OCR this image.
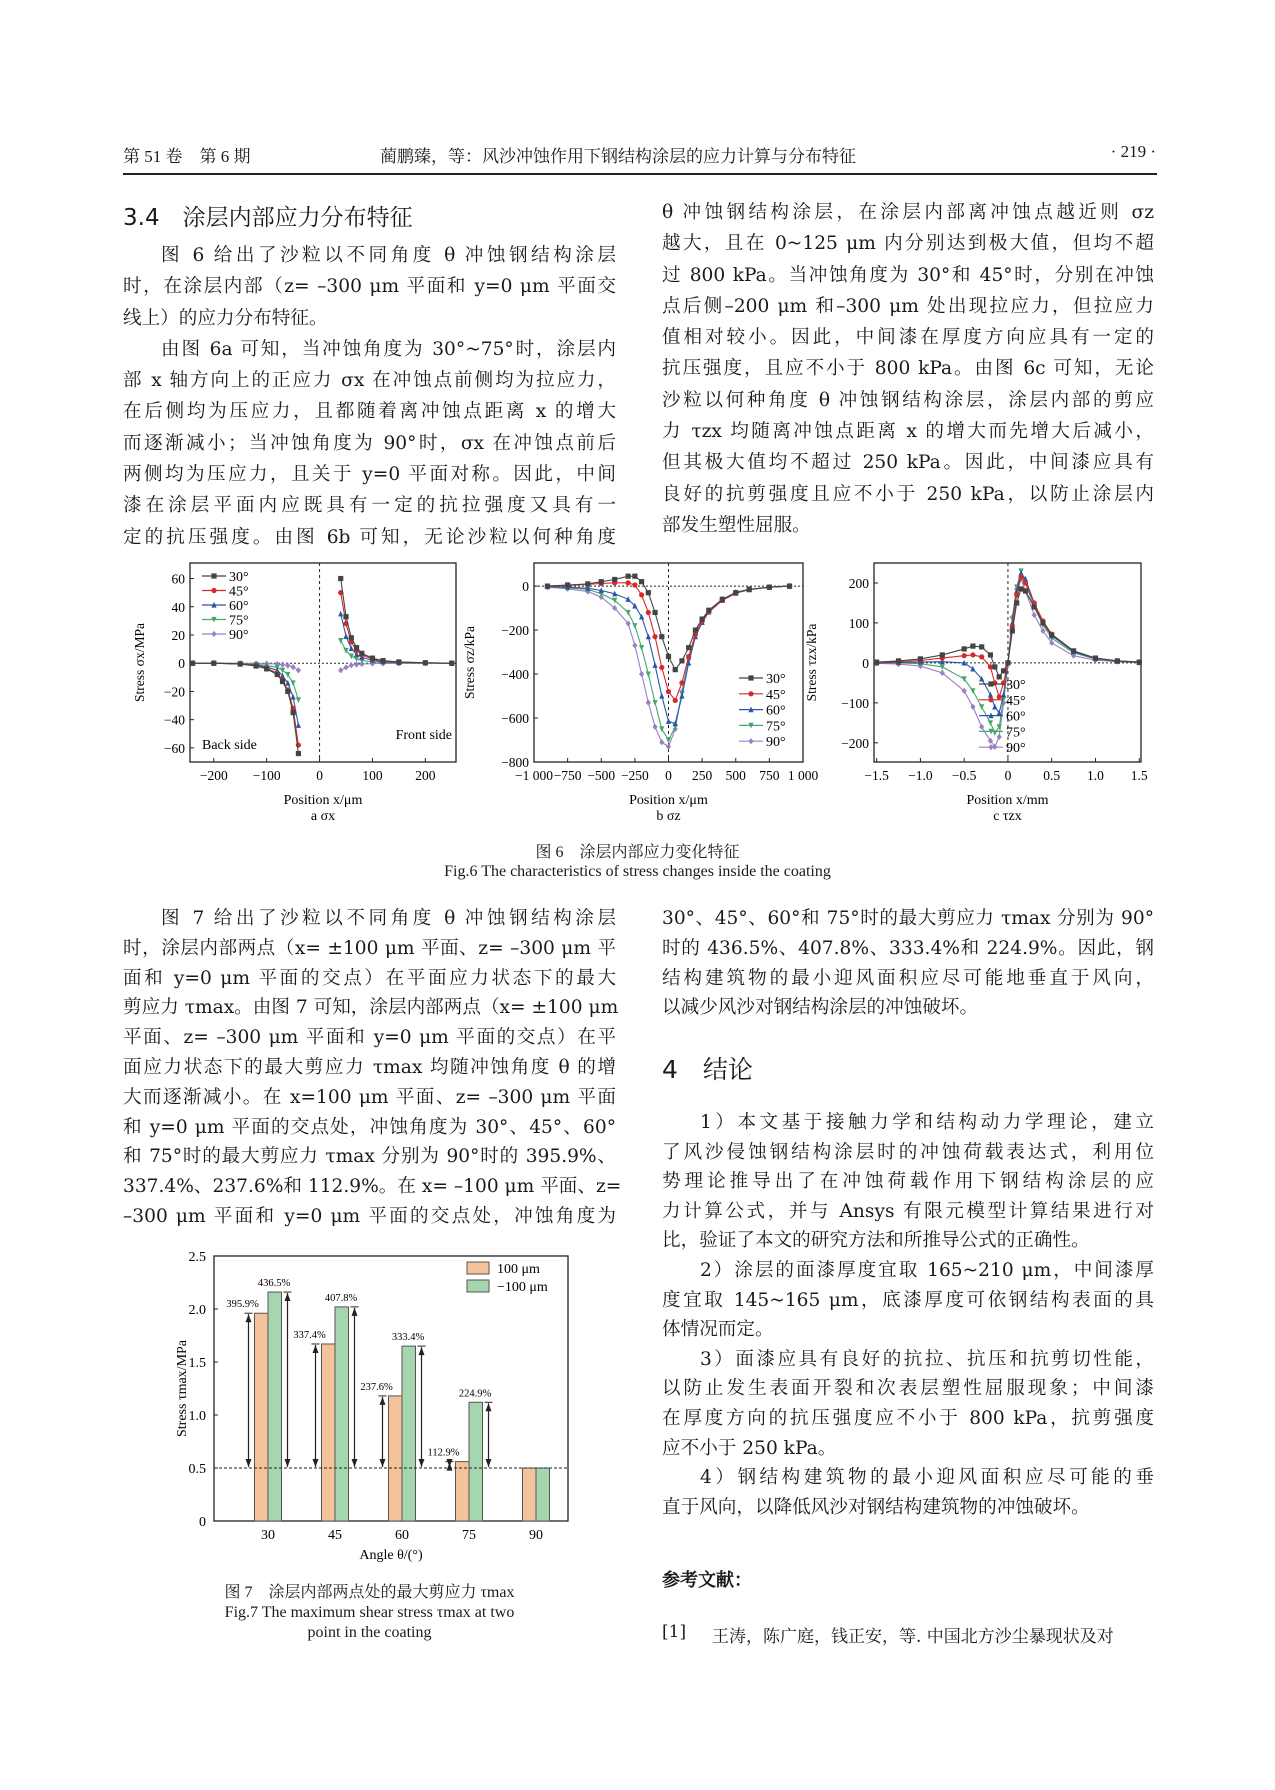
第 51 卷　第 6 期	蔺鹏臻，等：风沙冲蚀作用下钢结构涂层的应力计算与分布特征	· 219 ·
3.4　涂层内部应力分布特征
图 6 给出了沙粒以不同角度 θ 冲蚀钢结构涂层
时，在涂层内部（z= –300 μm 平面和 y=0 μm 平面交
线上）的应力分布特征。
由图 6a 可知，当冲蚀角度为 30°~75°时，涂层内
部 x 轴方向上的正应力 σx 在冲蚀点前侧均为拉应力，
在后侧均为压应力，且都随着离冲蚀点距离 x 的增大
而逐渐减小；当冲蚀角度为 90°时，σx 在冲蚀点前后
两侧均为压应力，且关于 y=0 平面对称。因此，中间
漆在涂层平面内应既具有一定的抗拉强度又具有一
定的抗压强度。由图 6b 可知，无论沙粒以何种角度
θ 冲蚀钢结构涂层，在涂层内部离冲蚀点越近则 σz
越大，且在 0~125 μm 内分别达到极大值，但均不超
过 800 kPa。当冲蚀角度为 30°和 45°时，分别在冲蚀
点后侧–200 μm 和–300 μm 处出现拉应力，但拉应力
值相对较小。因此，中间漆在厚度方向应具有一定的
抗压强度，且应不小于 800 kPa。由图 6c 可知，无论
沙粒以何种角度 θ 冲蚀钢结构涂层，涂层内部的剪应
力 τzx 均随离冲蚀点距离 x 的增大而先增大后减小，
但其极大值均不超过 250 kPa。因此，中间漆应具有
良好的抗剪强度且应不小于 250 kPa，以防止涂层内
部发生塑性屈服。
−200 −100	0	100 200
60
40
20
0
−20
−40
−60
Position x/μm
a σx
Stress σx/MPa
30°
45°
60°
75°
90°
Back side
Front side
−1 000 −750 −500 −250 0 250 500 750 1 000
0
−200
−400
−600
−800
Position x/μm
b σz
Stress σz/kPa	30°
45°
60°
75°
90°
−1.5 −1.0 −0.5 0 0.5 1.0 1.5
200
100
0
−100
−200
Position x/mm
c τzx
Stress τzx/kPa	30°
45°
60°
75°
90°
图 6　涂层内部应力变化特征
Fig.6 The characteristics of stress changes inside the coating
图 7 给出了沙粒以不同角度 θ 冲蚀钢结构涂层
时，涂层内部两点（x= ±100 μm 平面、z= –300 μm 平
面和 y=0 μm 平面的交点）在平面应力状态下的最大
剪应力 τmax。由图 7 可知，涂层内部两点（x= ±100 μm
平面、z= –300 μm 平面和 y=0 μm 平面的交点）在平
面应力状态下的最大剪应力 τmax 均随冲蚀角度 θ 的增
大而逐渐减小。在 x=100 μm 平面、z= –300 μm 平面
和 y=0 μm 平面的交点处，冲蚀角度为 30°、45°、60°
和 75°时的最大剪应力 τmax 分别为 90°时的 395.9%、
337.4%、237.6%和 112.9%。在 x= –100 μm 平面、z=
–300 μm 平面和 y=0 μm 平面的交点处，冲蚀角度为
30°、45°、60°和 75°时的最大剪应力 τmax 分别为 90°
时的 436.5%、407.8%、333.4%和 224.9%。因此，钢
结构建筑物的最小迎风面积应尽可能地垂直于风向，
以减少风沙对钢结构涂层的冲蚀破坏。
4　结论
1）本文基于接触力学和结构动力学理论，建立
了风沙侵蚀钢结构涂层时的冲蚀荷载表达式，利用位
势理论推导出了在冲蚀荷载作用下钢结构涂层的应
力计算公式，并与 Ansys 有限元模型计算结果进行对
比，验证了本文的研究方法和所推导公式的正确性。
2）涂层的面漆厚度宜取 165~210 μm，中间漆厚
度宜取 145~165 μm，底漆厚度可依钢结构表面的具
体情况而定。
3）面漆应具有良好的抗拉、抗压和抗剪切性能，
以防止发生表面开裂和次表层塑性屈服现象；中间漆
在厚度方向的抗压强度应不小于 800 kPa，抗剪强度
应不小于 250 kPa。
4）钢结构建筑物的最小迎风面积应尽可能的垂
直于风向，以降低风沙对钢结构建筑物的冲蚀破坏。
参考文献：
[1] 王涛，陈广庭，钱正安，等. 中国北方沙尘暴现状及对
0
0.5
1.0
1.5
2.0
2.5
30	45	60	75	90
Angle θ/(°)
Stress τmax/MPa
395.9%
337.4%
237.6%
112.9%
436.5%
407.8%
333.4%
224.9%
100 μm
−100 μm
图 7　涂层内部两点处的最大剪应力 τmax
Fig.7 The maximum shear stress τmax at two
point in the coating
